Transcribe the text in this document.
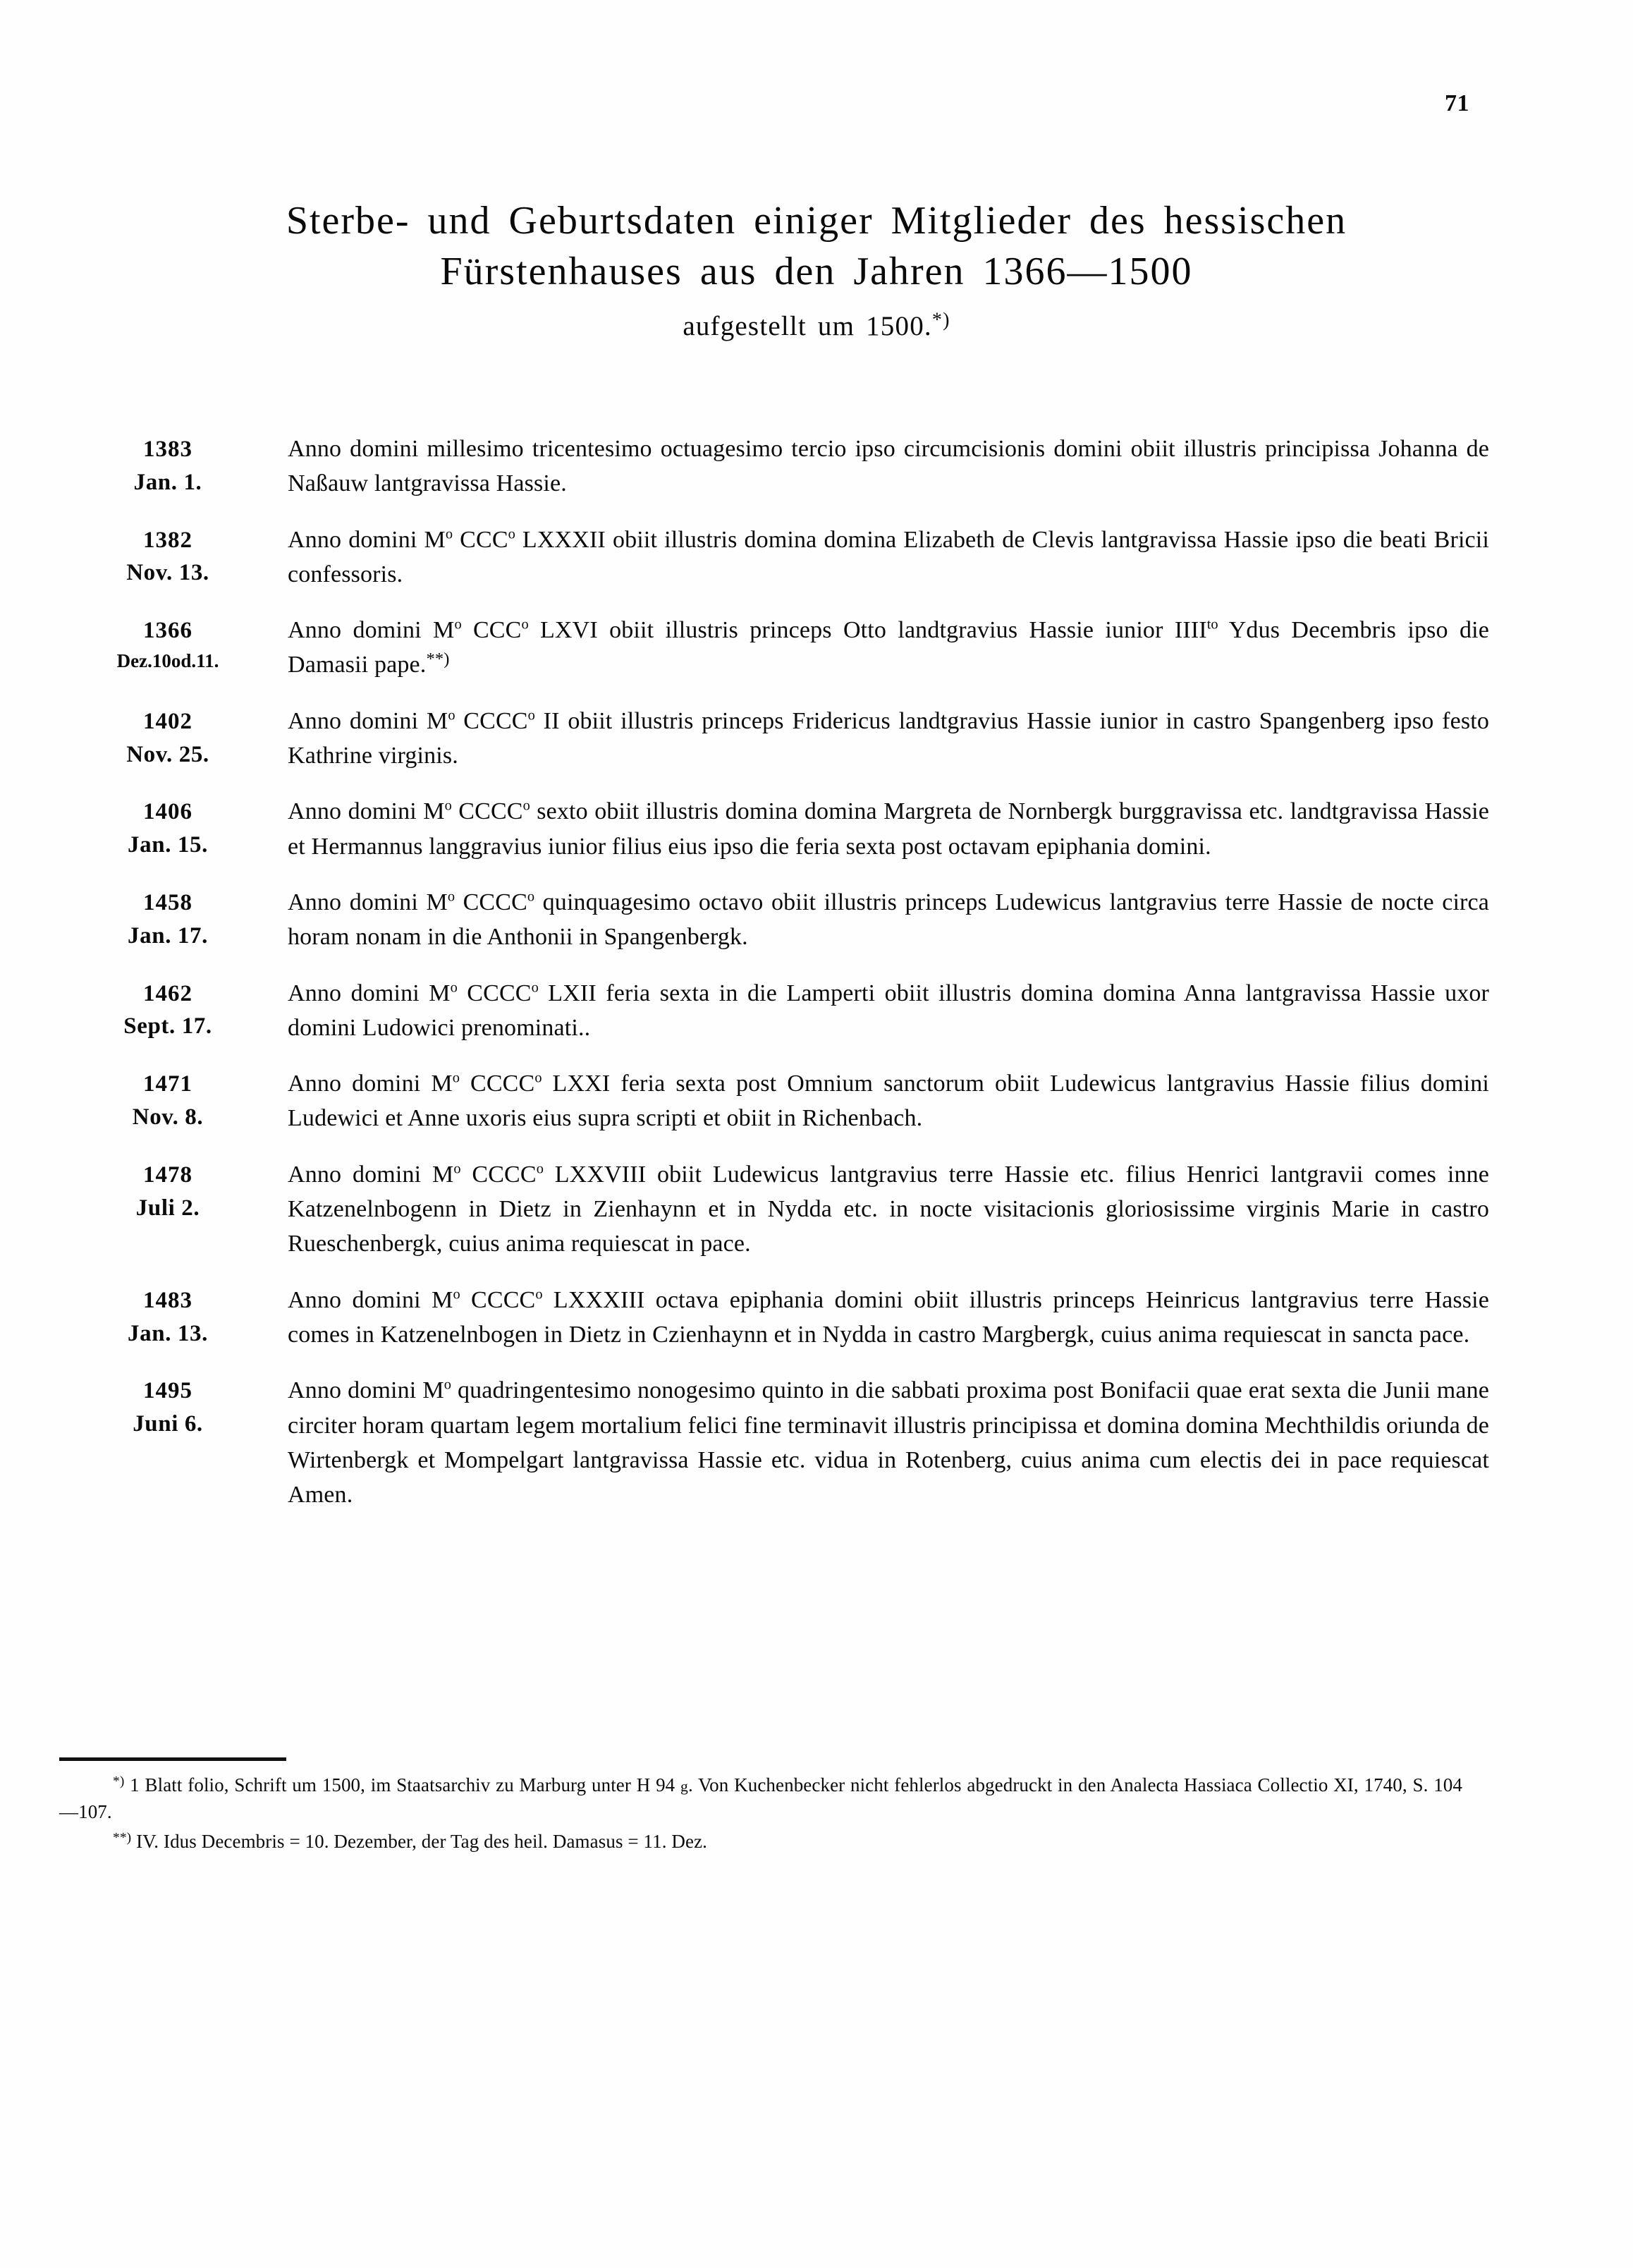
71
Sterbe- und Geburtsdaten einiger Mitglieder des hessischen
Fürstenhauses aus den Jahren 1366—1500
aufgestellt um 1500.*)
1383
Jan. 1.

Anno domini millesimo tricentesimo octuagesimo tercio ipso circumcisionis domini obiit illustris principissa Johanna de Naßauw lantgravissa Hassie.

1382
Nov. 13.

Anno domini $M^o$ CCC$^o$ LXXXII obiit illustris domina domina Elizabeth de Clevis lantgravissa Hassie ipso die beati Bricii confessoris.

1366
Dez.10od.11.

Anno domini $M^o$ CCC$^o$ LXVI obiit illustris princeps Otto landtgravius Hassie iunior $IIII^{to}$ Ydus Decembris ipso die Damasii pape.**)

1402
Nov. 25.

Anno domini $M^o$ CCCC$^o$ II obiit illustris princeps Fridericus landtgravius Hassie iunior in castro Spangenberg ipso festo Kathrine virginis.

1406
Jan. 15.

Anno domini $M^o$ CCCC$^o$ sexto obiit illustris domina domina Margreta de Nornbergk burggravissa etc. landtgravissa Hassie et Hermannus langgravius iunior filius eius ipso die feria sexta post octavam epiphania domini.

1458
Jan. 17.

Anno domini $M^o$ CCCC$^o$ quinquagesimo octavo obiit illustris princeps Ludewicus lantgravius terre Hassie de nocte circa horam nonam in die Anthonii in Spangenbergk.

1462
Sept. 17.

Anno domini $M^o$ CCCC$^o$ LXII feria sexta in die Lamperti obiit illustris domina domina Anna lantgravissa Hassie uxor domini Ludowici prenominati..

1471
Nov. 8.

Anno domini $M^o$ CCCC$^o$ LXXI feria sexta post Omnium sanctorum obiit Ludewicus lantgravius Hassie filius domini Ludewici et Anne uxoris eius supra scripti et obiit in Richenbach.

1478
Juli 2.

Anno domini $M^o$ CCCC$^o$ LXXVIII obiit Ludewicus lantgravius terre Hassie etc. filius Henrici lantgravii comes inne Katzenelnbogenn in Dietz in Zienhaynn et in Nydda etc. in nocte visitacionis gloriosissime virginis Marie in castro Rueschenbergk, cuius anima requiescat in pace.

1483
Jan. 13.

Anno domini $M^o$ CCCC$^o$ LXXXIII octava epiphania domini obiit illustris princeps Heinricus lantgravius terre Hassie comes in Katzenelnbogen in Dietz in Czienhaynn et in Nydda in castro Margbergk, cuius anima requiescat in sancta pace.

1495
Juni 6.

Anno domini $M^o$ quadringentesimo nonogesimo quinto in die sabbati proxima post Bonifacii quae erat sexta die Junii mane circiter horam quartam legem mortalium felici fine terminavit illustris principissa et domina domina Mechthildis oriunda de Wirtenbergk et Mompelgart lantgravissa Hassie etc. vidua in Rotenberg, cuius anima cum electis dei in pace requiescat Amen.

*) 1 Blatt folio, Schrift um 1500, im Staatsarchiv zu Marburg unter H 94 g. Von Kuchenbecker nicht fehlerlos abgedruckt in den Analecta Hassiaca Collectio XI, 1740, S. 104—107.

**) IV. Idus Decembris = 10. Dezember, der Tag des heil. Damasus = 11. Dez.
